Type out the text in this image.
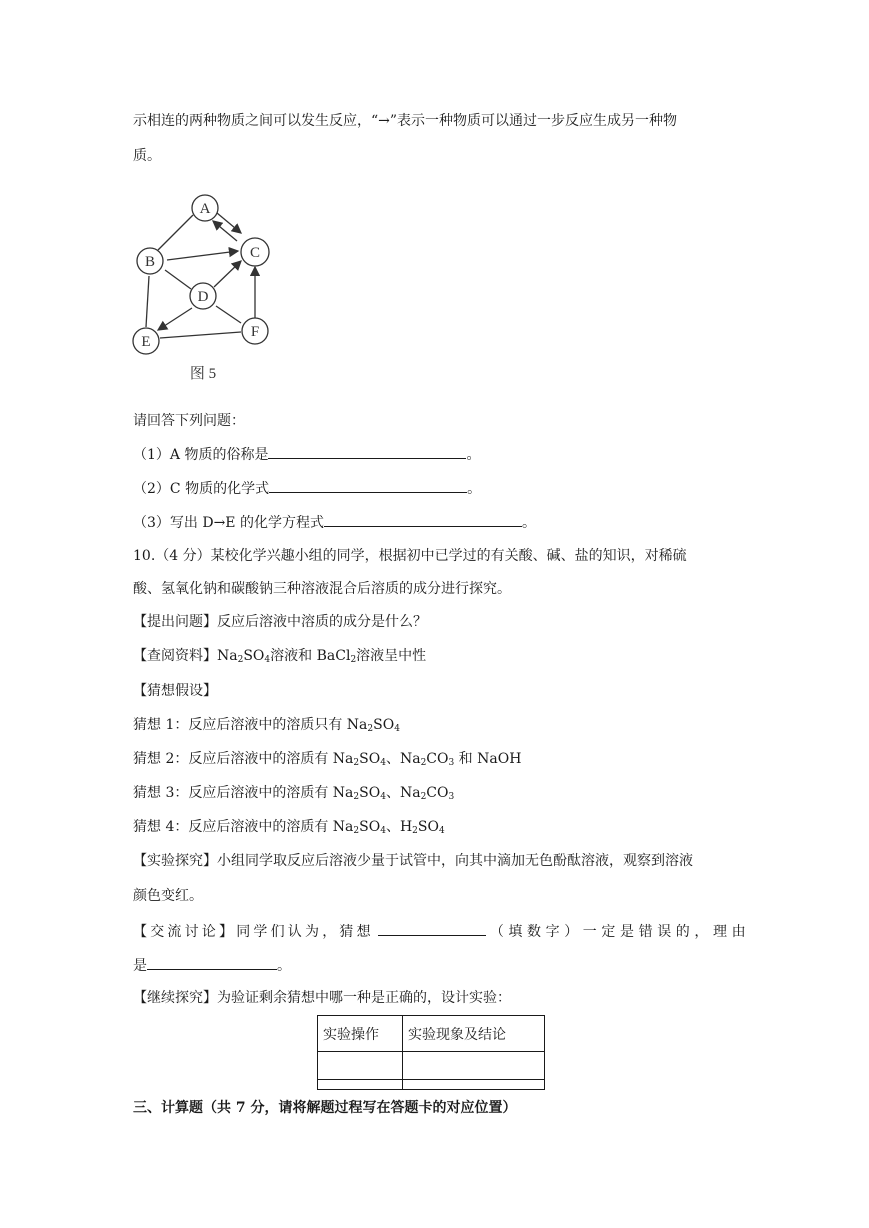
示相连的两种物质之间可以发生反应，“→”表示一种物质可以通过一步反应生成另一种物
质。
A
B
C
D
E
F
图 5
请回答下列问题：
（1）A 物质的俗称是	。
（2）C 物质的化学式	。
（3）写出 D→E 的化学方程式	。
10.（4 分）某校化学兴趣小组的同学，根据初中已学过的有关酸、碱、盐的知识，对稀硫
酸、氢氧化钠和碳酸钠三种溶液混合后溶质的成分进行探究。
【提出问题】反应后溶液中溶质的成分是什么？
【查阅资料】$Na_2SO_4$溶液和 BaCl$_2$溶液呈中性
【猜想假设】
猜想 1：反应后溶液中的溶质只有 $Na_2SO_4$
猜想 2：反应后溶液中的溶质有 $Na_2SO_4$、$Na_2CO_3$ 和 NaOH
猜想 3：反应后溶液中的溶质有 $Na_2SO_4$、$Na_2CO_3$
猜想 4：反应后溶液中的溶质有 $Na_2SO_4$、$H_2SO_4$
【实验探究】小组同学取反应后溶液少量于试管中，向其中滴加无色酚酞溶液，观察到溶液
颜色变红。
【交流讨论】同学们认为，猜想	（填数字）一定是错误的，理由
是	。
【继续探究】为验证剩余猜想中哪一种是正确的，设计实验：
实验操作	实验现象及结论

三、计算题（共 7 分，请将解题过程写在答题卡的对应位置）
